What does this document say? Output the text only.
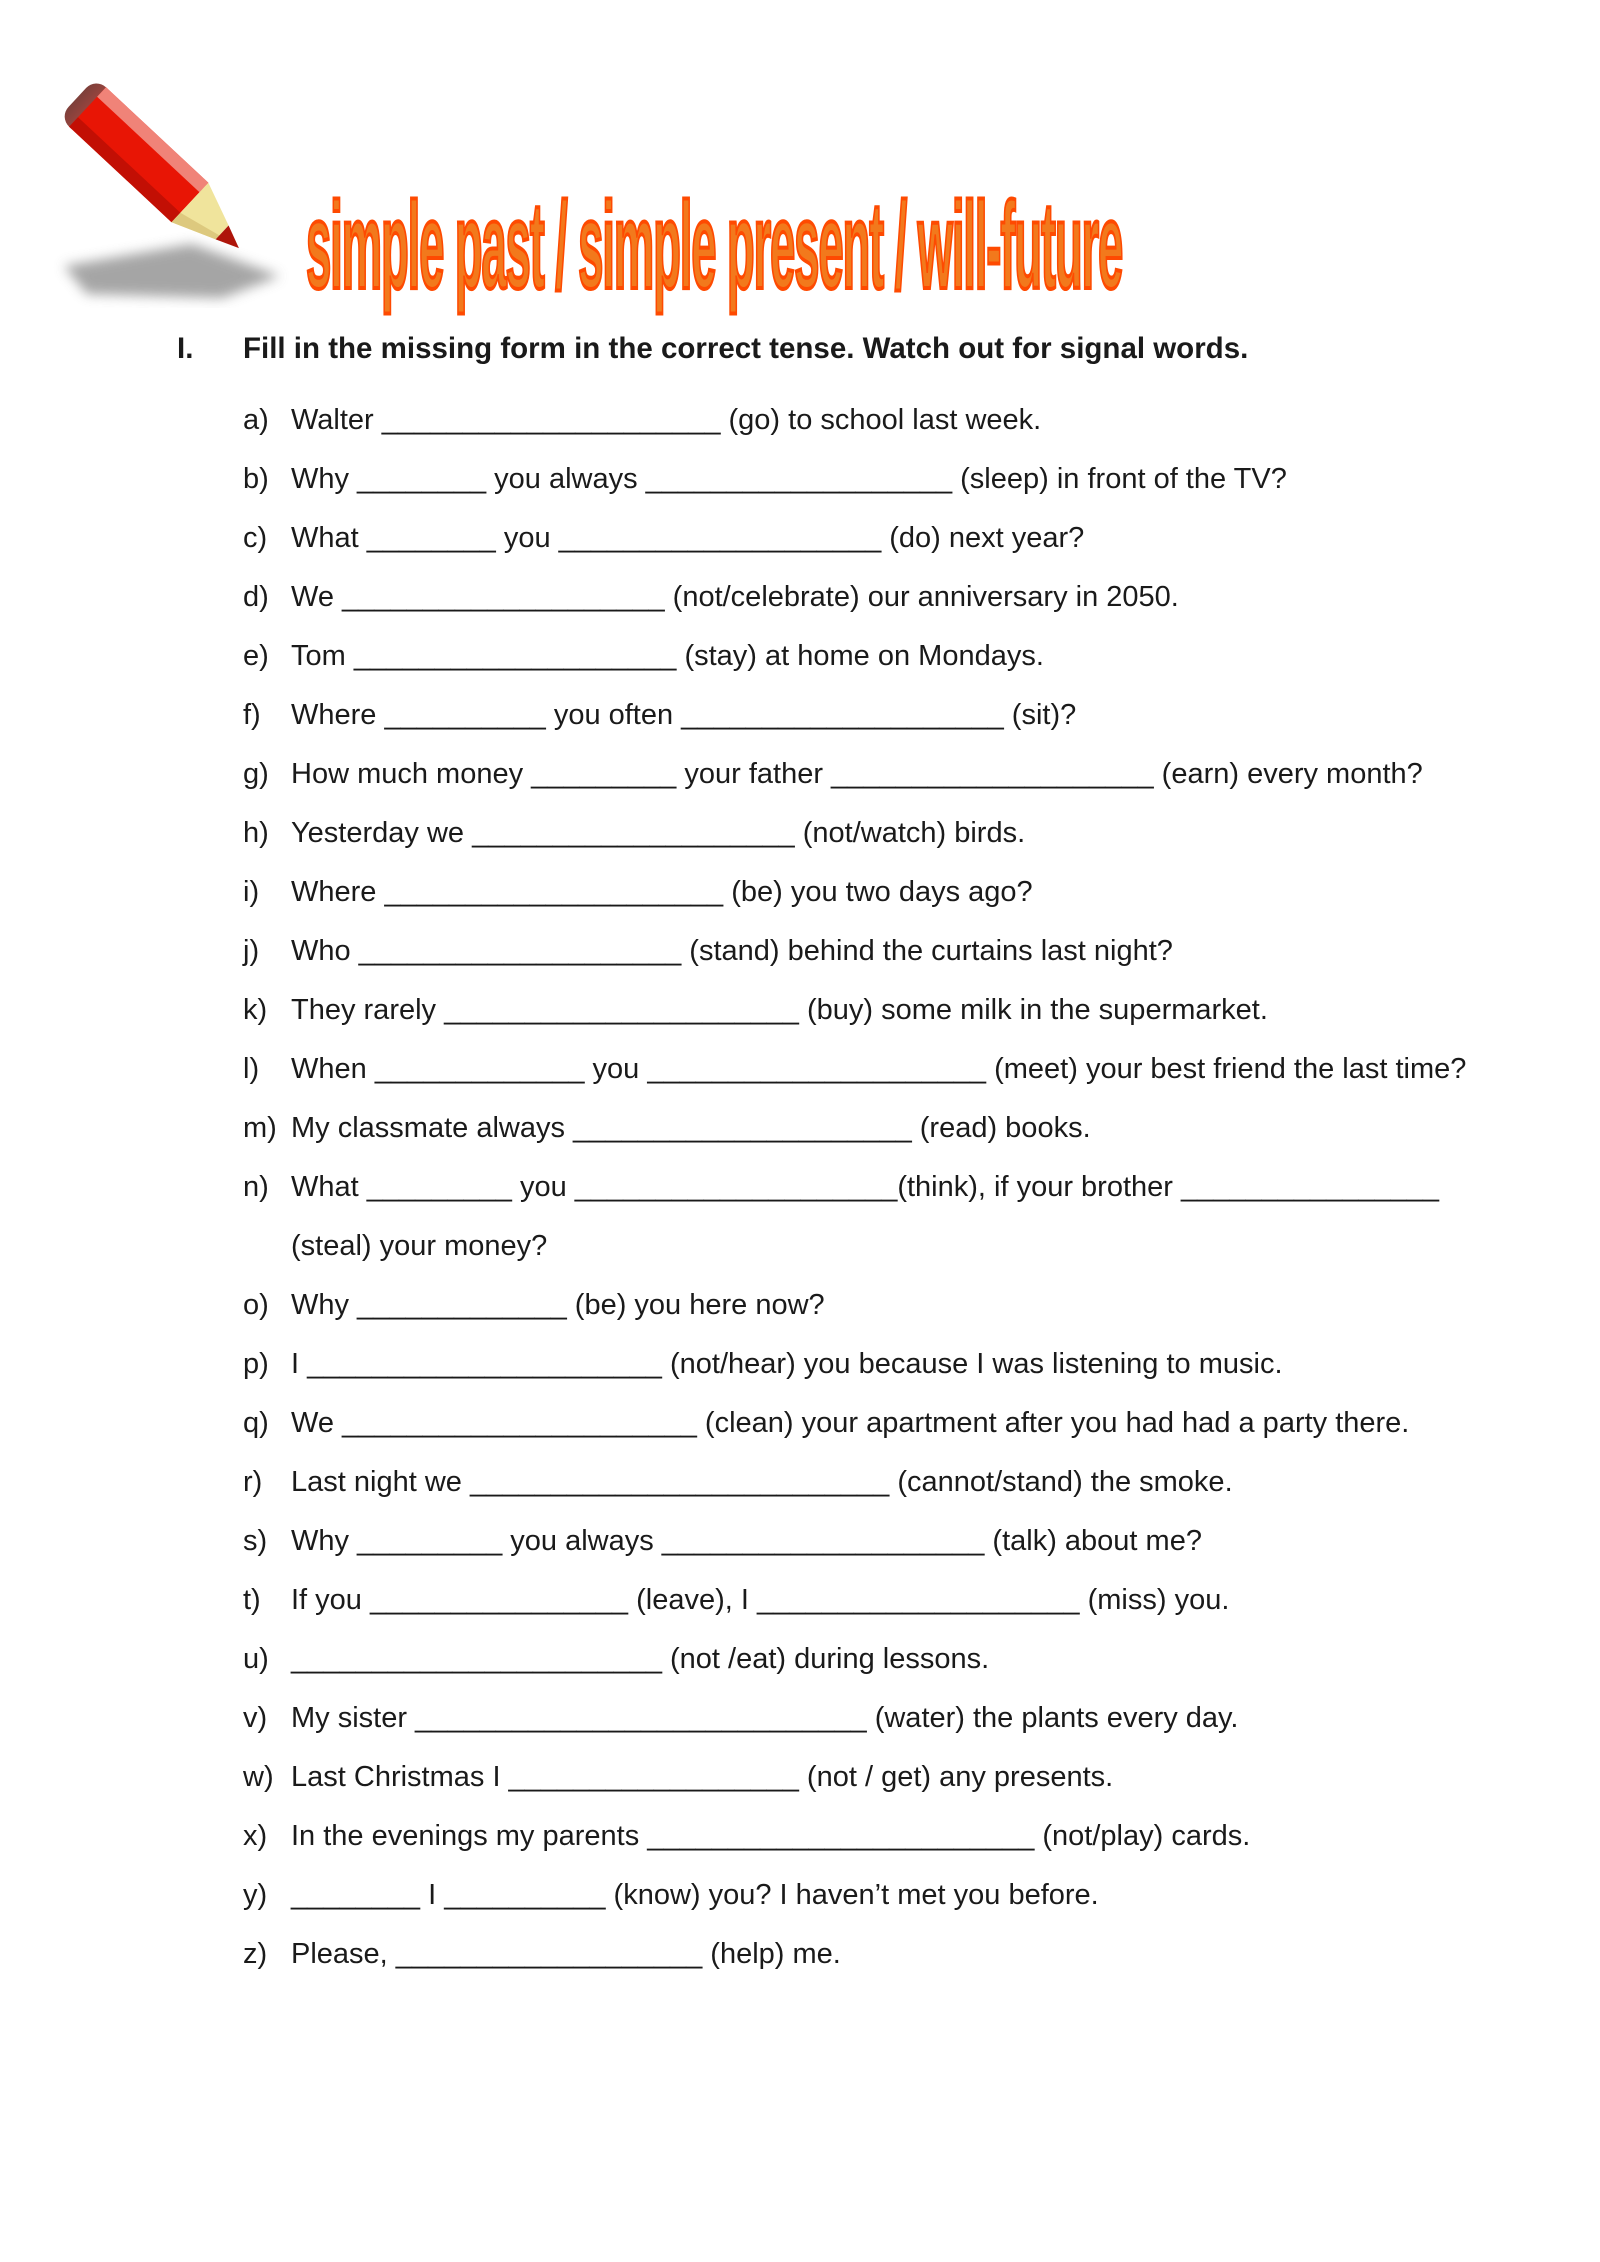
simple past / simple present / will-future
I. Fill in the missing form in the correct tense. Watch out for signal words.
a) Walter _____________________ (go) to school last week.
b) Why ________ you always ___________________ (sleep) in front of the TV?
c) What ________ you ____________________ (do) next year?
d) We ____________________ (not/celebrate) our anniversary in 2050.
e) Tom ____________________ (stay) at home on Mondays.
f) Where __________ you often ____________________ (sit)?
g) How much money _________ your father ____________________ (earn) every month?
h) Yesterday we ____________________ (not/watch) birds.
i) Where _____________________ (be) you two days ago?
j) Who ____________________ (stand) behind the curtains last night?
k) They rarely ______________________ (buy) some milk in the supermarket.
l) When _____________ you _____________________ (meet) your best friend the last time?
m) My classmate always _____________________ (read) books.
n) What _________ you ____________________(think), if your brother ________________
(steal) your money?
o) Why _____________ (be) you here now?
p) I ______________________ (not/hear) you because I was listening to music.
q) We ______________________ (clean) your apartment after you had had a party there.
r) Last night we __________________________ (cannot/stand) the smoke.
s) Why _________ you always ____________________ (talk) about me?
t) If you ________________ (leave), I ____________________ (miss) you.
u) _______________________ (not /eat) during lessons.
v) My sister ____________________________ (water) the plants every day.
w) Last Christmas I __________________ (not / get) any presents.
x) In the evenings my parents ________________________ (not/play) cards.
y) ________ I __________ (know) you? I haven’t met you before.
z) Please, ___________________ (help) me.
